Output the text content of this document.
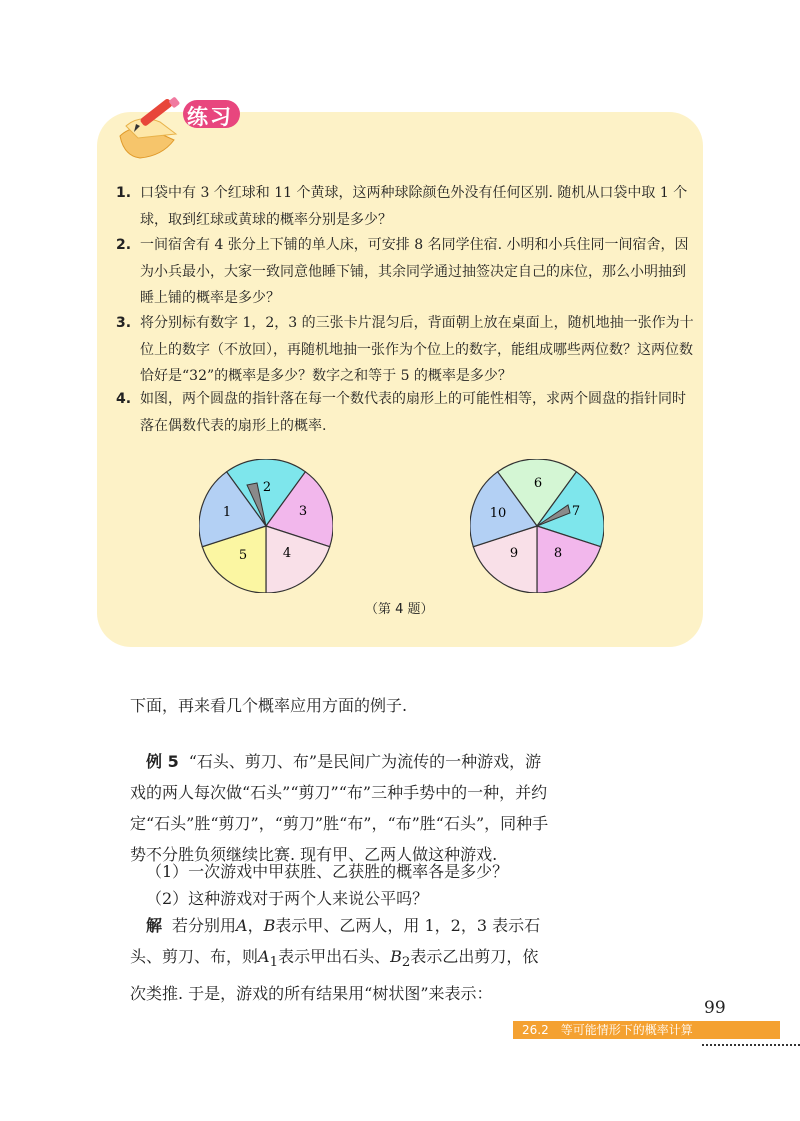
练习
1. 口袋中有 3 个红球和 11 个黄球，这两种球除颜色外没有任何区别. 随机从口袋中取 1 个球，取到红球或黄球的概率分别是多少？
2. 一间宿舍有 4 张分上下铺的单人床，可安排 8 名同学住宿. 小明和小兵住同一间宿舍，因为小兵最小，大家一致同意他睡下铺，其余同学通过抽签决定自己的床位，那么小明抽到睡上铺的概率是多少？
3. 将分别标有数字 1，2，3 的三张卡片混匀后，背面朝上放在桌面上，随机地抽一张作为十位上的数字（不放回），再随机地抽一张作为个位上的数字，能组成哪些两位数？这两位数恰好是“32”的概率是多少？数字之和等于 5 的概率是多少？
4. 如图，两个圆盘的指针落在每一个数代表的扇形上的可能性相等，求两个圆盘的指针同时落在偶数代表的扇形上的概率.
2
3
4
5
1
6
7
8
9
10
（第 4 题）
下面，再来看几个概率应用方面的例子.
例 5 “石头、剪刀、布”是民间广为流传的一种游戏，游戏的两人每次做“石头”“剪刀”“布”三种手势中的一种，并约定“石头”胜“剪刀”，“剪刀”胜“布”，“布”胜“石头”，同种手势不分胜负须继续比赛. 现有甲、乙两人做这种游戏.
（1）一次游戏中甲获胜、乙获胜的概率各是多少？
（2）这种游戏对于两个人来说公平吗？
解 若分别用A，B表示甲、乙两人，用 1，2，3 表示石头、剪刀、布，则$A_1$表示甲出石头、$B_2$表示乙出剪刀，依次类推. 于是，游戏的所有结果用“树状图”来表示：
99
26.2　等可能情形下的概率计算
